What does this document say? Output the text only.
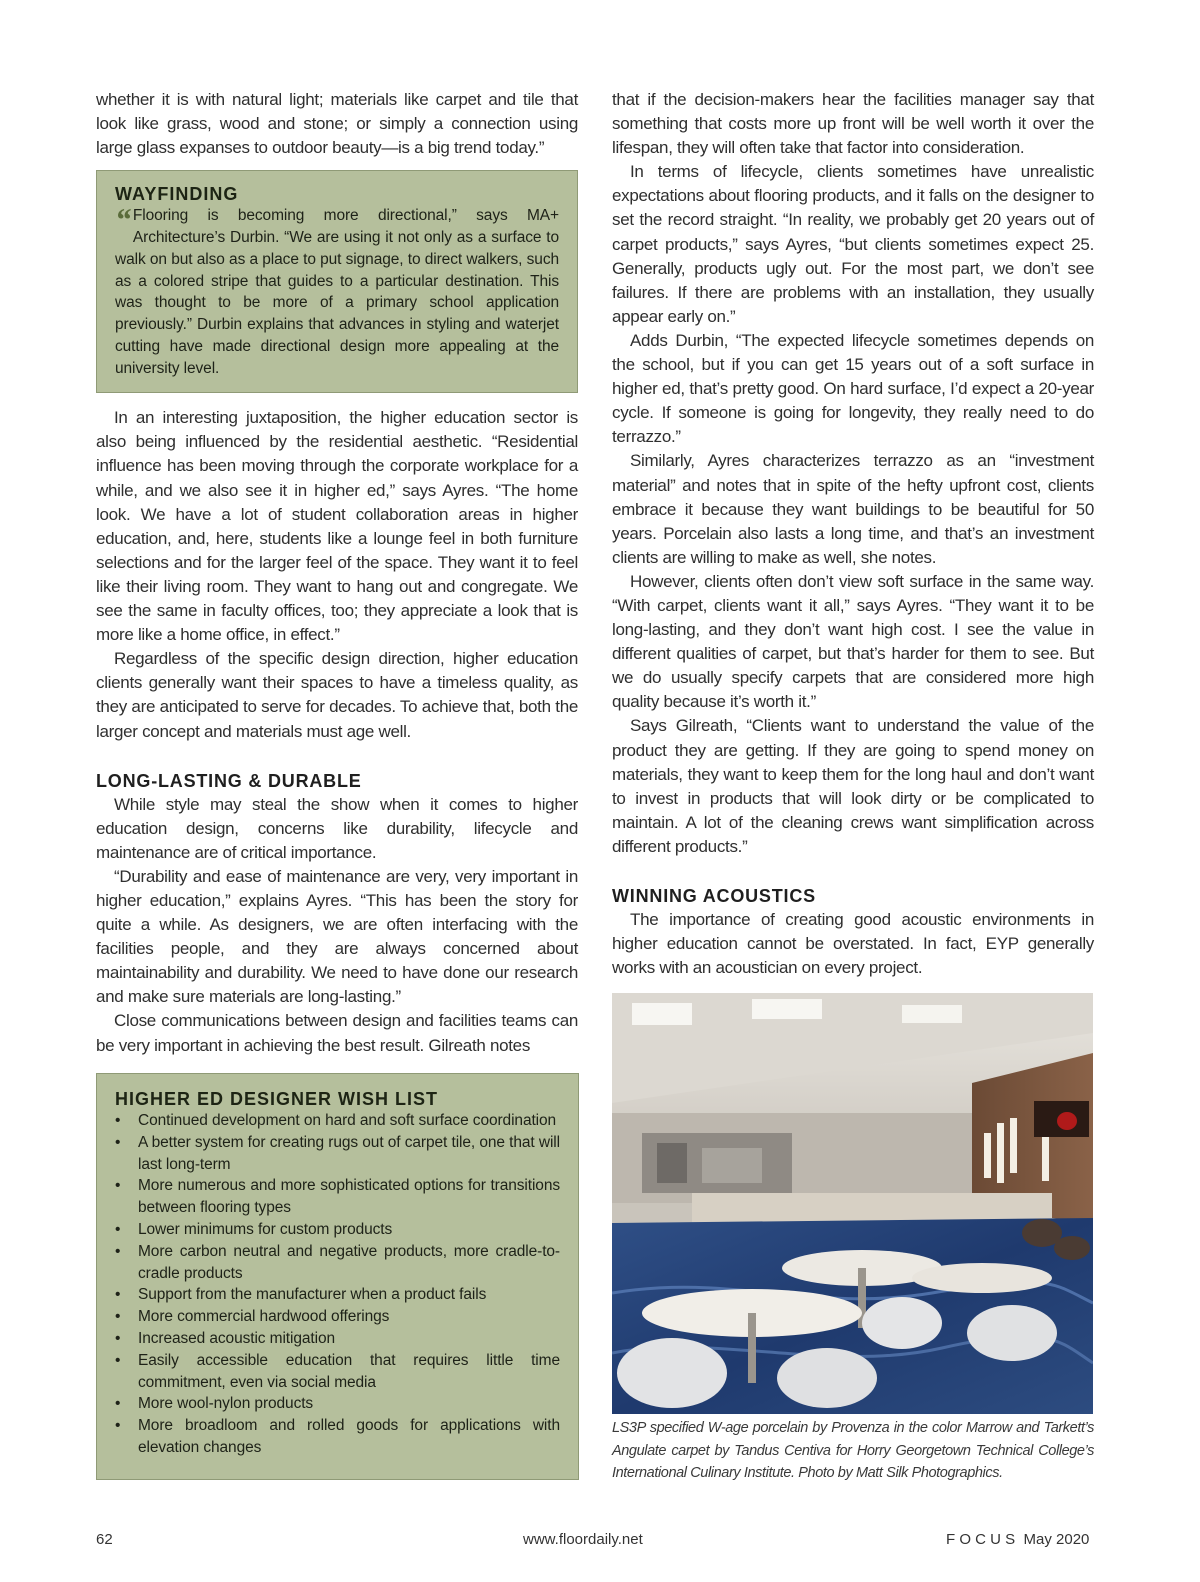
whether it is with natural light; materials like carpet and tile that look like grass, wood and stone; or simply a connection using large glass expanses to outdoor beauty—is a big trend today.”

WAYFINDING

“ Flooring is becoming more directional,” says MA+ Architecture’s Durbin. “We are using it not only as a surface to walk on but also as a place to put signage, to direct walkers, such as a colored stripe that guides to a particular destination. This was thought to be more of a primary school application previously.” Durbin explains that advances in styling and waterjet cutting have made directional design more appealing at the university level.

In an interesting juxtaposition, the higher education sector is also being influenced by the residential aesthetic. “Residential influence has been moving through the corporate workplace for a while, and we also see it in higher ed,” says Ayres. “The home look. We have a lot of student collaboration areas in higher education, and, here, students like a lounge feel in both furniture selections and for the larger feel of the space. They want it to feel like their living room. They want to hang out and congregate. We see the same in faculty offices, too; they appreciate a look that is more like a home office, in effect.”

Regardless of the specific design direction, higher education clients generally want their spaces to have a timeless quality, as they are anticipated to serve for decades. To achieve that, both the larger concept and materials must age well.

LONG-LASTING & DURABLE

While style may steal the show when it comes to higher education design, concerns like durability, lifecycle and maintenance are of critical importance.

“Durability and ease of maintenance are very, very important in higher education,” explains Ayres. “This has been the story for quite a while. As designers, we are often interfacing with the facilities people, and they are always concerned about maintainability and durability. We need to have done our research and make sure materials are long-lasting.”

Close communications between design and facilities teams can be very important in achieving the best result. Gilreath notes

HIGHER ED DESIGNER WISH LIST
• Continued development on hard and soft surface coordination
• A better system for creating rugs out of carpet tile, one that will last long-term
• More numerous and more sophisticated options for transitions between flooring types
• Lower minimums for custom products
• More carbon neutral and negative products, more cradle-to-cradle products
• Support from the manufacturer when a product fails
• More commercial hardwood offerings
• Increased acoustic mitigation
• Easily accessible education that requires little time commitment, even via social media
• More wool-nylon products
• More broadloom and rolled goods for applications with elevation changes

that if the decision-makers hear the facilities manager say that something that costs more up front will be well worth it over the lifespan, they will often take that factor into consideration.

In terms of lifecycle, clients sometimes have unrealistic expectations about flooring products, and it falls on the designer to set the record straight. “In reality, we probably get 20 years out of carpet products,” says Ayres, “but clients sometimes expect 25. Generally, products ugly out. For the most part, we don’t see failures. If there are problems with an installation, they usually appear early on.”

Adds Durbin, “The expected lifecycle sometimes depends on the school, but if you can get 15 years out of a soft surface in higher ed, that’s pretty good. On hard surface, I’d expect a 20-year cycle. If someone is going for longevity, they really need to do terrazzo.”

Similarly, Ayres characterizes terrazzo as an “investment material” and notes that in spite of the hefty upfront cost, clients embrace it because they want buildings to be beautiful for 50 years. Porcelain also lasts a long time, and that’s an investment clients are willing to make as well, she notes.

However, clients often don’t view soft surface in the same way. “With carpet, clients want it all,” says Ayres. “They want it to be long-lasting, and they don’t want high cost. I see the value in different qualities of carpet, but that’s harder for them to see. But we do usually specify carpets that are considered more high quality because it’s worth it.”

Says Gilreath, “Clients want to understand the value of the product they are getting. If they are going to spend money on materials, they want to keep them for the long haul and don’t want to invest in products that will look dirty or be complicated to maintain. A lot of the cleaning crews want simplification across different products.”

WINNING ACOUSTICS

The importance of creating good acoustic environments in higher education cannot be overstated. In fact, EYP generally works with an acoustician on every project.

LS3P specified W-age porcelain by Provenza in the color Marrow and Tarkett’s Angulate carpet by Tandus Centiva for Horry Georgetown Technical College’s International Culinary Institute. Photo by Matt Silk Photographics.
62	www.floordaily.net	F O C U S  May 2020
